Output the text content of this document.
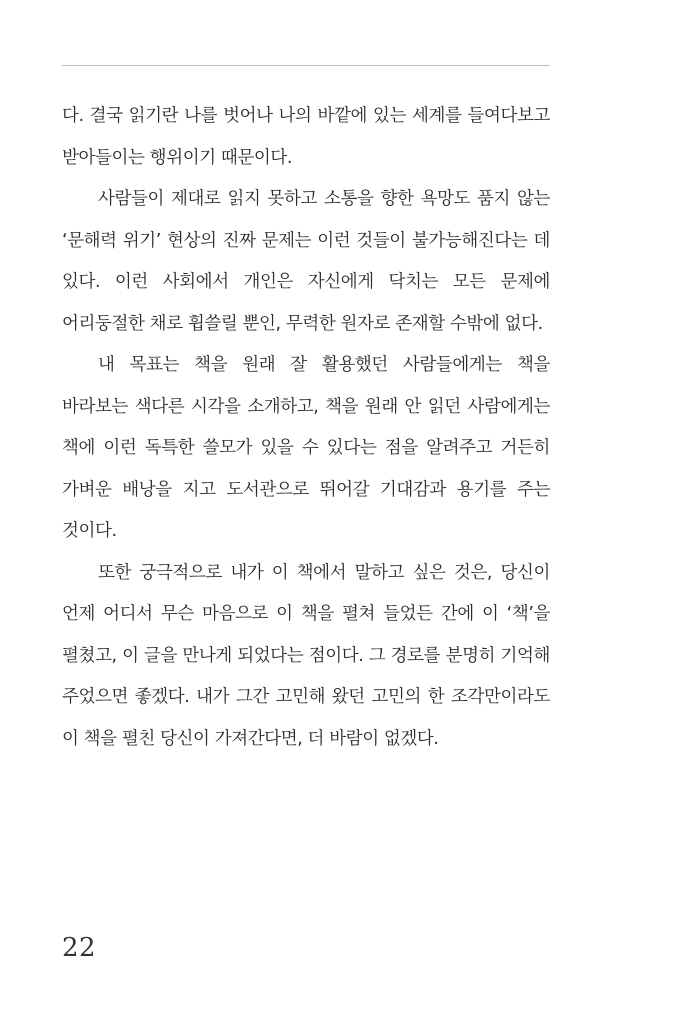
다. 결국 읽기란 나를 벗어나 나의 바깥에 있는 세계를 들여다보고 받아들이는 행위이기 때문이다.

사람들이 제대로 읽지 못하고 소통을 향한 욕망도 품지 않는 ‘문해력 위기’ 현상의 진짜 문제는 이런 것들이 불가능해진다는 데 있다. 이런 사회에서 개인은 자신에게 닥치는 모든 문제에 어리둥절한 채로 휩쓸릴 뿐인, 무력한 원자로 존재할 수밖에 없다.

내 목표는 책을 원래 잘 활용했던 사람들에게는 책을 바라보는 색다른 시각을 소개하고, 책을 원래 안 읽던 사람에게는 책에 이런 독특한 쓸모가 있을 수 있다는 점을 알려주고 거든히 가벼운 배낭을 지고 도서관으로 뛰어갈 기대감과 용기를 주는 것이다.

또한 궁극적으로 내가 이 책에서 말하고 싶은 것은, 당신이 언제 어디서 무슨 마음으로 이 책을 펼쳐 들었든 간에 이 ‘책’을 펼쳤고, 이 글을 만나게 되었다는 점이다. 그 경로를 분명히 기억해 주었으면 좋겠다. 내가 그간 고민해 왔던 고민의 한 조각만이라도 이 책을 펼친 당신이 가져간다면, 더 바람이 없겠다.

22
